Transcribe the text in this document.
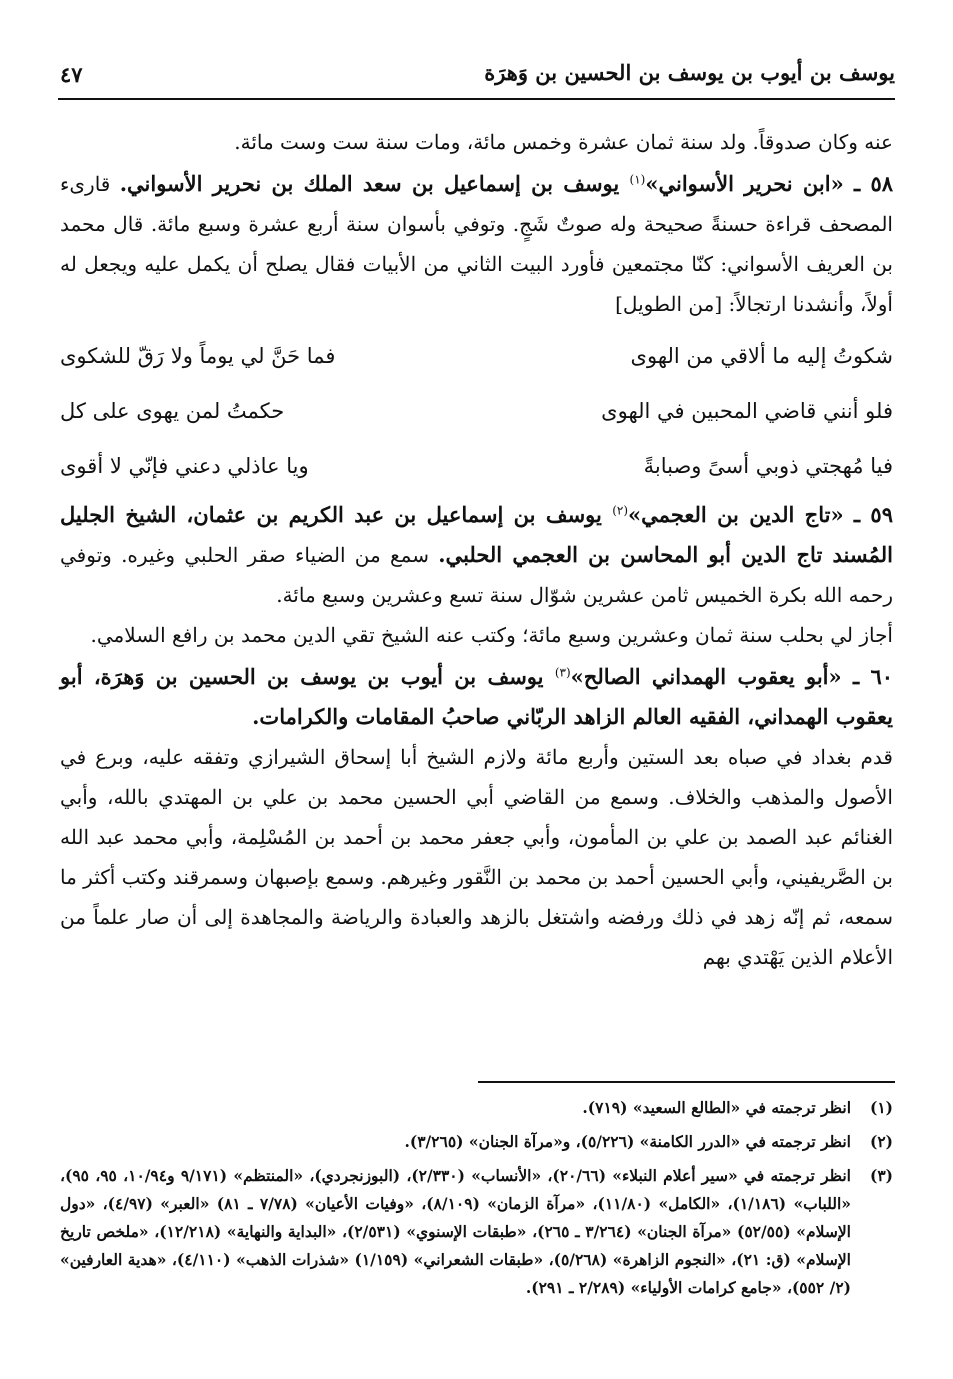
يوسف بن أيوب بن يوسف بن الحسين بن وَهرَة
٤٧

عنه وكان صدوقاً. ولد سنة ثمان عشرة وخمس مائة، ومات سنة ست وست مائة.

٥٨ ـ «ابن نحرير الأسواني»$^{(١)}$ يوسف بن إسماعيل بن سعد الملك بن نحرير الأسواني. قارىء المصحف قراءة حسنةً صحيحة وله صوتٌ شَجٍ. وتوفي بأسوان سنة أربع عشرة وسبع مائة. قال محمد بن العريف الأسواني: كنّا مجتمعين فأورد البيت الثاني من الأبيات فقال يصلح أن يكمل عليه ويجعل له أولاً، وأنشدنا ارتجالاً: [من الطويل]

شكوتُ إليه ما ألاقي من الهوى
فما حَنَّ لي يوماً ولا رَقّ للشكوى
فلو أنني قاضي المحبين في الهوى
حكمتُ لمن يهوى على كل
فيا مُهجتي ذوبي أسىً وصبابةً
ويا عاذلي دعني فإنّي لا أقوى

٥٩ ـ «تاج الدين بن العجمي»$^{(٢)}$ يوسف بن إسماعيل بن عبد الكريم بن عثمان، الشيخ الجليل المُسند تاج الدين أبو المحاسن بن العجمي الحلبي. سمع من الضياء صقر الحلبي وغيره. وتوفي رحمه الله بكرة الخميس ثامن عشرين شوّال سنة تسع وعشرين وسبع مائة.

أجاز لي بحلب سنة ثمان وعشرين وسبع مائة؛ وكتب عنه الشيخ تقي الدين محمد بن رافع السلامي.

٦٠ ـ «أبو يعقوب الهمداني الصالح»$^{(٣)}$ يوسف بن أيوب بن يوسف بن الحسين بن وَهرَة، أبو يعقوب الهمداني، الفقيه العالم الزاهد الربّاني صاحبُ المقامات والكرامات.

قدم بغداد في صباه بعد الستين وأربع مائة ولازم الشيخ أبا إسحاق الشيرازي وتفقه عليه، وبرع في الأصول والمذهب والخلاف. وسمع من القاضي أبي الحسين محمد بن علي بن المهتدي بالله، وأبي الغنائم عبد الصمد بن علي بن المأمون، وأبي جعفر محمد بن أحمد بن المُسْلِمة، وأبي محمد عبد الله بن الصَّريفيني، وأبي الحسين أحمد بن محمد بن النَّقور وغيرهم. وسمع بإصبهان وسمرقند وكتب أكثر ما سمعه، ثم إنّه زهد في ذلك ورفضه واشتغل بالزهد والعبادة والرياضة والمجاهدة إلى أن صار علماً من الأعلام الذين يَهْتدي بهم

(١)
انظر ترجمته في «الطالع السعيد» (٧١٩).
(٢)
انظر ترجمته في «الدرر الكامنة» (٥/٢٢٦)، و«مرآة الجنان» (٣/٢٦٥).
(٣)
انظر ترجمته في «سير أعلام النبلاء» (٢٠/٦٦)، «الأنساب» (٢/٣٣٠)، (البوزنجردي)، «المنتظم» (٩/١٧١ و١٠/٩٤، ٩٥، ٩٥)، «اللباب» (١/١٨٦)، «الكامل» (١١/٨٠)، «مرآة الزمان» (٨/١٠٩)، «وفيات الأعيان» (٧/٧٨ ـ ٨١) «العبر» (٤/٩٧)، «دول الإسلام» (٥٢/٥٥) «مرآة الجنان» (٣/٢٦٤ ـ ٢٦٥)، «طبقات الإسنوي» (٢/٥٣١)، «البداية والنهاية» (١٢/٢١٨)، «ملخص تاريخ الإسلام» (ق: ٢١)، «النجوم الزاهرة» (٥/٢٦٨)، «طبقات الشعراني» (١/١٥٩) «شذرات الذهب» (٤/١١٠)، «هدية العارفين» (٢/ ٥٥٢)، «جامع كرامات الأولياء» (٢/٢٨٩ ـ ٢٩١).
